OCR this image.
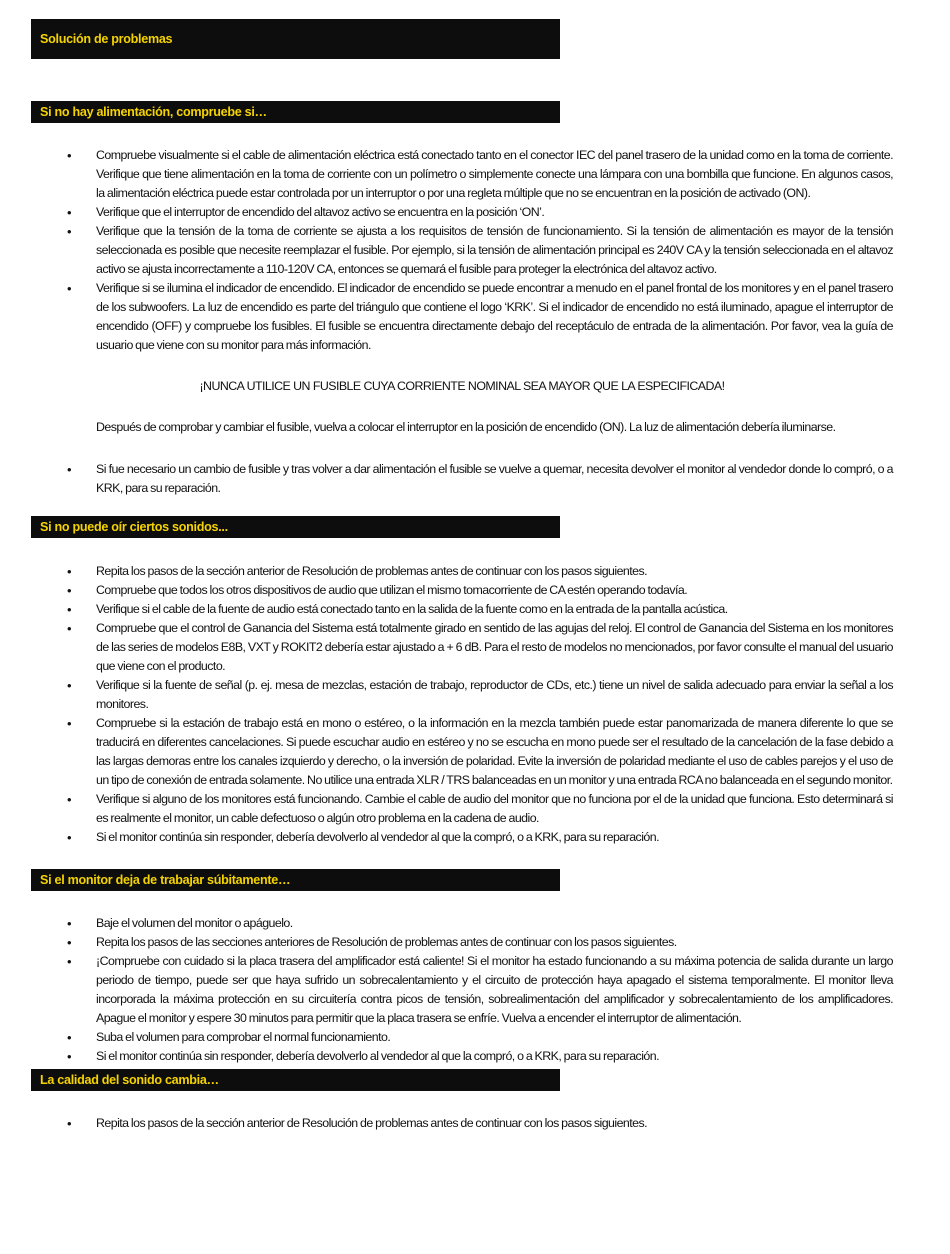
Solución de problemas
Si no hay alimentación, compruebe si…
• Compruebe visualmente si el cable de alimentación eléctrica está conectado tanto en el conector IEC del panel trasero de la unidad como en la toma de corriente. Verifique que tiene alimentación en la toma de corriente con un polímetro o simplemente conecte una lámpara con una bombilla que funcione. En algunos casos, la alimentación eléctrica puede estar controlada por un interruptor o por una regleta múltiple que no se encuentran en la posición de activado (ON).
• Verifique que el interruptor de encendido del altavoz activo se encuentra en la posición ‘ON’.
• Verifique que la tensión de la toma de corriente se ajusta a los requisitos de tensión de funcionamiento. Si la tensión de alimentación es mayor de la tensión seleccionada es posible que necesite reemplazar el fusible. Por ejemplo, si la tensión de alimentación principal es 240V CA y la tensión seleccionada en el altavoz activo se ajusta incorrectamente a 110-120V CA, entonces se quemará el fusible para proteger la electrónica del altavoz activo.
• Verifique si se ilumina el indicador de encendido. El indicador de encendido se puede encontrar a menudo en el panel frontal de los monitores y en el panel trasero de los subwoofers. La luz de encendido es parte del triángulo que contiene el logo ‘KRK’. Si el indicador de encendido no está iluminado, apague el interruptor de encendido (OFF) y compruebe los fusibles. El fusible se encuentra directamente debajo del receptáculo de entrada de la alimentación. Por favor, vea la guía de usuario que viene con su monitor para más información.
¡NUNCA UTILICE UN FUSIBLE CUYA CORRIENTE NOMINAL SEA MAYOR QUE LA ESPECIFICADA!
Después de comprobar y cambiar el fusible, vuelva a colocar el interruptor en la posición de encendido (ON). La luz de alimentación debería iluminarse.
• Si fue necesario un cambio de fusible y tras volver a dar alimentación el fusible se vuelve a quemar, necesita devolver el monitor al vendedor donde lo compró, o a KRK, para su reparación.
Si no puede oír ciertos sonidos...
• Repita los pasos de la sección anterior de Resolución de problemas antes de continuar con los pasos siguientes.
• Compruebe que todos los otros dispositivos de audio que utilizan el mismo tomacorriente de CA estén operando todavía.
• Verifique si el cable de la fuente de audio está conectado tanto en la salida de la fuente como en la entrada de la pantalla acústica.
• Compruebe que el control de Ganancia del Sistema está totalmente girado en sentido de las agujas del reloj. El control de Ganancia del Sistema en los monitores de las series de modelos E8B, VXT y ROKIT2 debería estar ajustado a + 6 dB. Para el resto de modelos no mencionados, por favor consulte el manual del usuario que viene con el producto.
• Verifique si la fuente de señal (p. ej. mesa de mezclas, estación de trabajo, reproductor de CDs, etc.) tiene un nivel de salida adecuado para enviar la señal a los monitores.
• Compruebe si la estación de trabajo está en mono o estéreo, o la información en la mezcla también puede estar panomarizada de manera diferente lo que se traducirá en diferentes cancelaciones. Si puede escuchar audio en estéreo y no se escucha en mono puede ser el resultado de la cancelación de la fase debido a las largas demoras entre los canales izquierdo y derecho, o la inversión de polaridad. Evite la inversión de polaridad mediante el uso de cables parejos y el uso de un tipo de conexión de entrada solamente. No utilice una entrada XLR / TRS balanceadas en un monitor y una entrada RCA no balanceada en el segundo monitor.
• Verifique si alguno de los monitores está funcionando. Cambie el cable de audio del monitor que no funciona por el de la unidad que funciona. Esto determinará si es realmente el monitor, un cable defectuoso o algún otro problema en la cadena de audio.
• Si el monitor continúa sin responder, debería devolverlo al vendedor al que la compró, o a KRK, para su reparación.
Si el monitor deja de trabajar súbitamente…
• Baje el volumen del monitor o apáguelo.
• Repita los pasos de las secciones anteriores de Resolución de problemas antes de continuar con los pasos siguientes.
• ¡Compruebe con cuidado si la placa trasera del amplificador está caliente! Si el monitor ha estado funcionando a su máxima potencia de salida durante un largo periodo de tiempo, puede ser que haya sufrido un sobrecalentamiento y el circuito de protección haya apagado el sistema temporalmente. El monitor lleva incorporada la máxima protección en su circuitería contra picos de tensión, sobrealimentación del amplificador y sobrecalentamiento de los amplificadores. Apague el monitor y espere 30 minutos para permitir que la placa trasera se enfríe. Vuelva a encender el interruptor de alimentación.
• Suba el volumen para comprobar el normal funcionamiento.
• Si el monitor continúa sin responder, debería devolverlo al vendedor al que la compró, o a KRK, para su reparación.
La calidad del sonido cambia…
• Repita los pasos de la sección anterior de Resolución de problemas antes de continuar con los pasos siguientes.
